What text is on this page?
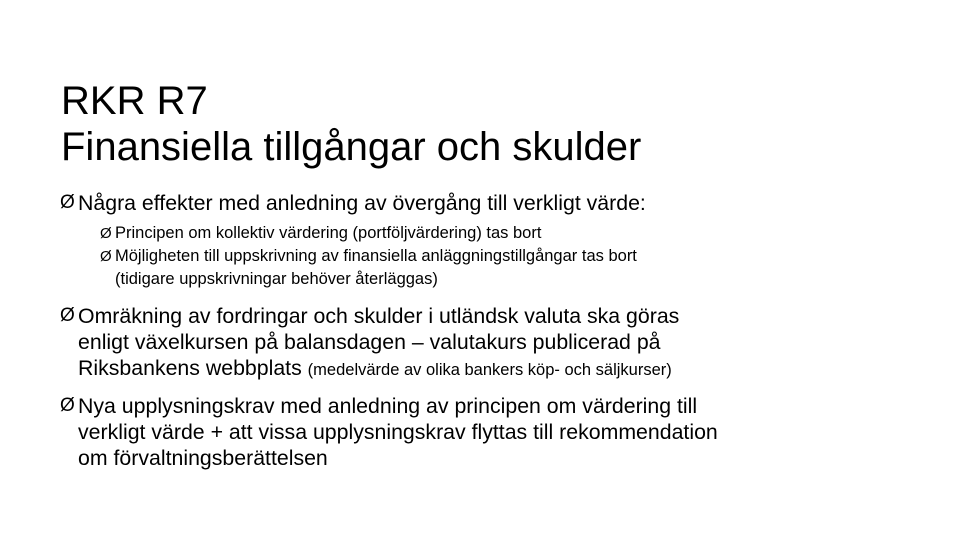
RKR R7
Finansiella tillgångar och skulder
Ø Några effekter med anledning av övergång till verkligt värde:
Ø Principen om kollektiv värdering (portföljvärdering) tas bort
Ø Möjligheten till uppskrivning av finansiella anläggningstillgångar tas bort
(tidigare uppskrivningar behöver återläggas)
Ø Omräkning av fordringar och skulder i utländsk valuta ska göras
enligt växelkursen på balansdagen – valutakurs publicerad på
Riksbankens webbplats (medelvärde av olika bankers köp- och säljkurser)
Ø Nya upplysningskrav med anledning av principen om värdering till
verkligt värde + att vissa upplysningskrav flyttas till rekommendation
om förvaltningsberättelsen
